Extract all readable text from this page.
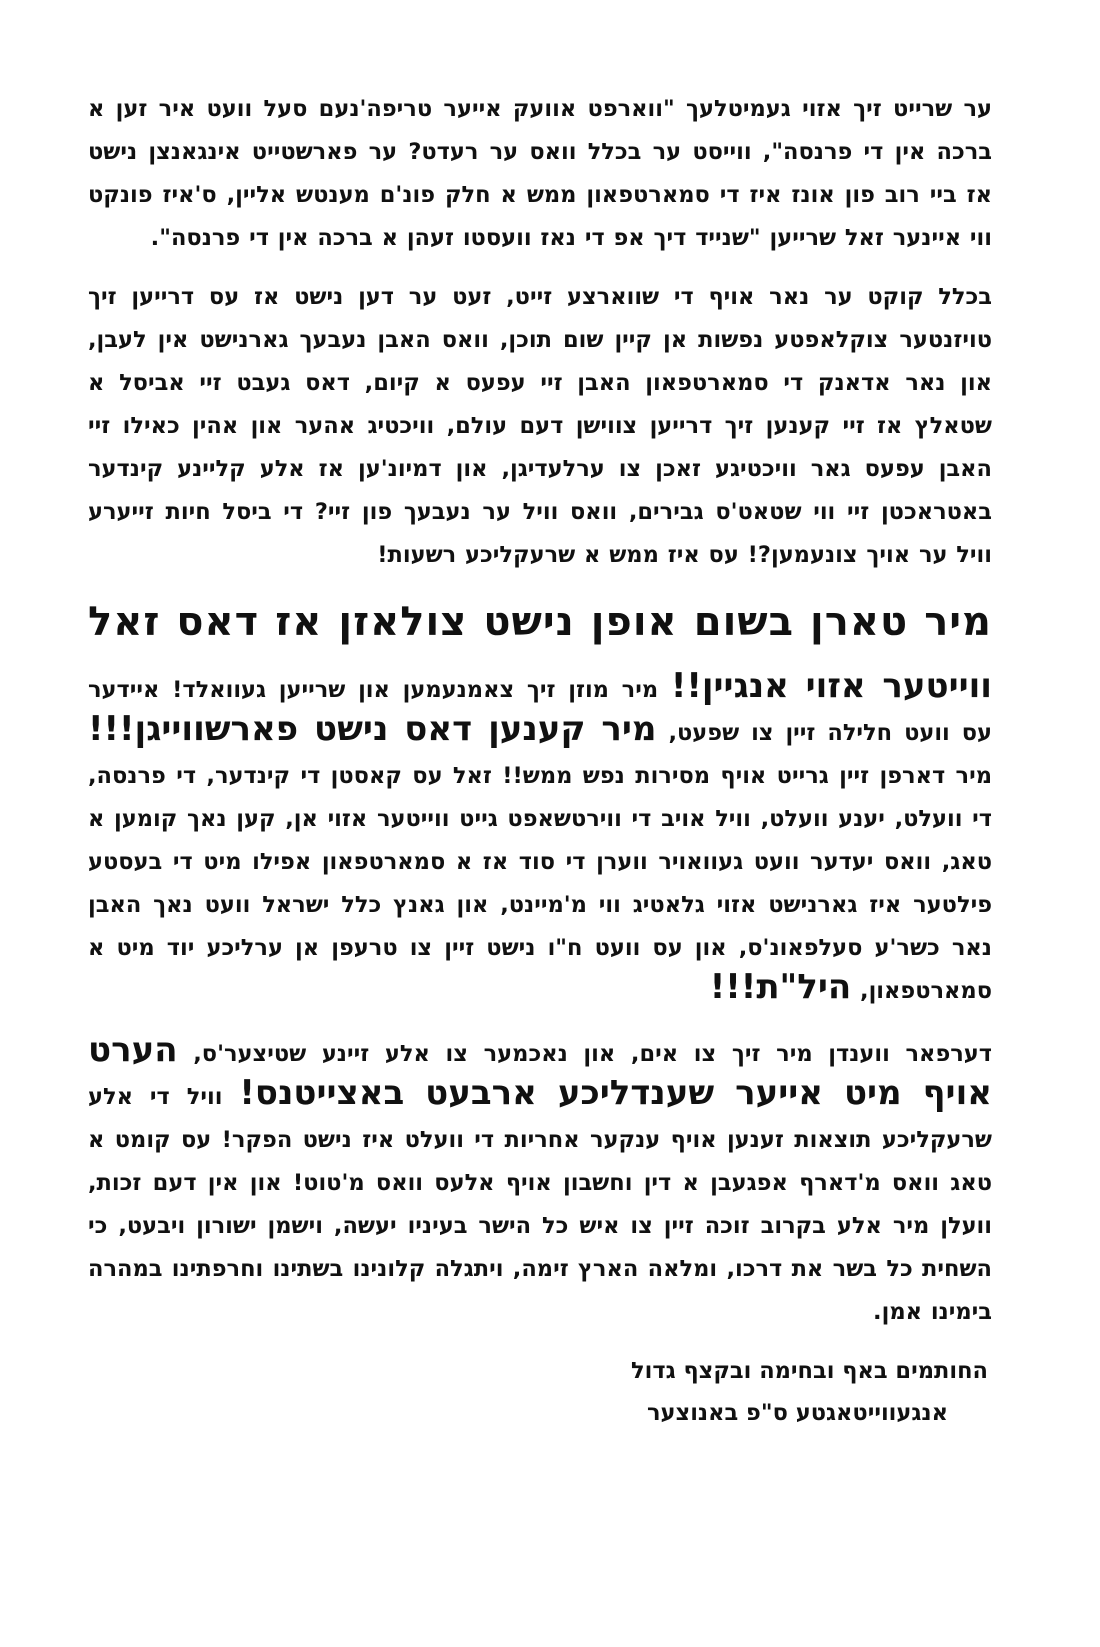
ער שרייט זיך אזוי געמיטלעך "ווארפט אוועק אייער טריפה'נעם סעל וועט איר זען א ברכה אין די פרנסה", ווייסט ער בכלל וואס ער רעדט? ער פארשטייט אינגאנצן נישט אז ביי רוב פון אונז איז די סמארטפאון ממש א חלק פונ'ם מענטש אליין, ס'איז פונקט ווי איינער זאל שרייען "שנייד דיך אפ די נאז וועסטו זעהן א ברכה אין די פרנסה".

בכלל קוקט ער נאר אויף די שווארצע זייט, זעט ער דען נישט אז עס דרייען זיך טויזנטער צוקלאפטע נפשות אן קיין שום תוכן, וואס האבן נעבעך גארנישט אין לעבן, און נאר אדאנק די סמארטפאון האבן זיי עפעס א קיום, דאס געבט זיי אביסל א שטאלץ אז זיי קענען זיך דרייען צווישן דעם עולם, וויכטיג אהער און אהין כאילו זיי האבן עפעס גאר וויכטיגע זאכן צו ערלעדיגן, און דמיונ'ען אז אלע קליינע קינדער באטראכטן זיי ווי שטאט'ס גבירים, וואס וויל ער נעבעך פון זיי? די ביסל חיות זייערע וויל ער אויך צונעמען?! עס איז ממש א שרעקליכע רשעות!

מיר טארן בשום אופן נישט צולאזן אז דאס זאל

ווייטער אזוי אנגיין!! מיר מוזן זיך צאמנעמען און שרייען געוואלד! איידער עס וועט חלילה זיין צו שפעט, מיר קענען דאס נישט פארשווייגן!!! מיר דארפן זיין גרייט אויף מסירות נפש ממש!! זאל עס קאסטן די קינדער, די פרנסה, די וועלט, יענע וועלט, וויל אויב די ווירטשאפט גייט ווייטער אזוי אן, קען נאך קומען א טאג, וואס יעדער וועט געוואויר ווערן די סוד אז א סמארטפאון אפילו מיט די בעסטע פילטער איז גארנישט אזוי גלאטיג ווי מ'מיינט, און גאנץ כלל ישראל וועט נאך האבן נאר כשר'ע סעלפאונ'ס, און עס וועט ח"ו נישט זיין צו טרעפן אן ערליכע יוד מיט א סמארטפאון, היל"ת!!!

דערפאר ווענדן מיר זיך צו אים, און נאכמער צו אלע זיינע שטיצער'ס, הערט אויף מיט אייער שענדליכע ארבעט באצייטנס! וויל די אלע שרעקליכע תוצאות זענען אויף ענקער אחריות די וועלט איז נישט הפקר! עס קומט א טאג וואס מ'דארף אפגעבן א דין וחשבון אויף אלעס וואס מ'טוט! און אין דעם זכות, וועלן מיר אלע בקרוב זוכה זיין צו איש כל הישר בעיניו יעשה, וישמן ישורון ויבעט, כי השחית כל בשר את דרכו, ומלאה הארץ זימה, ויתגלה קלונינו בשתינו וחרפתינו במהרה בימינו אמן.

החותמים באף ובחימה ובקצף גדול
אנגעווייטאגטע ס"פ באנוצער
